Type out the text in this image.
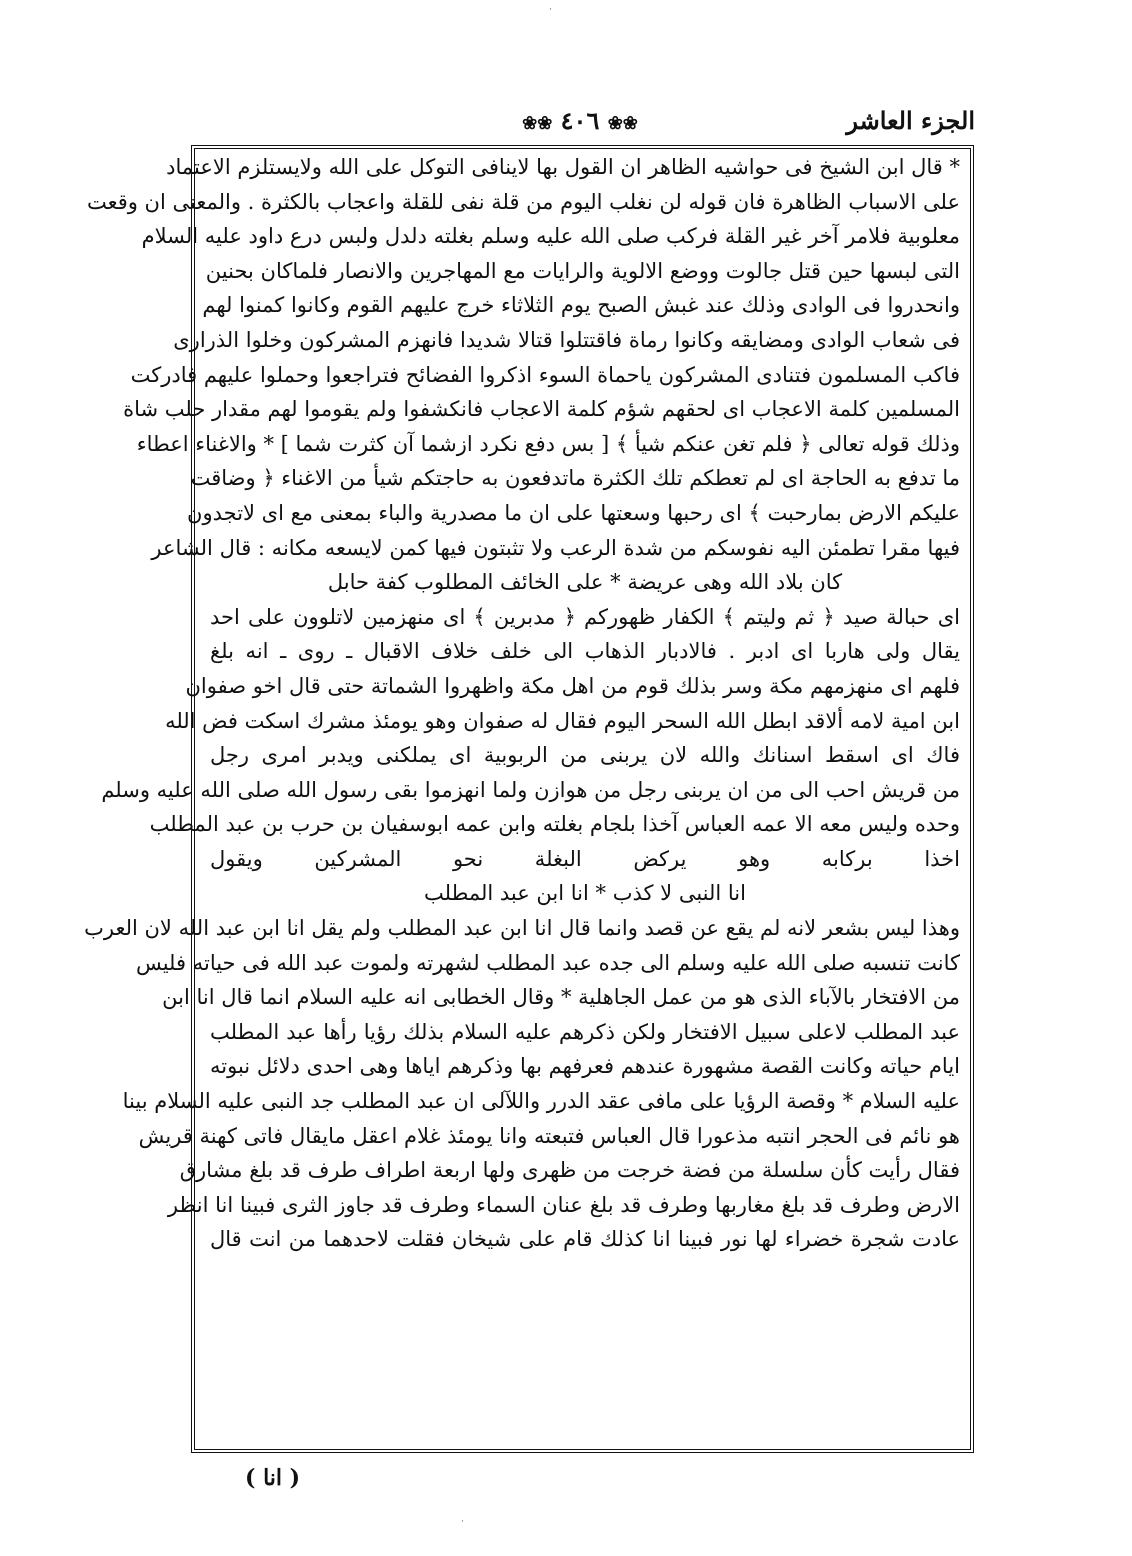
الجزء العاشر
❀❀ ٤٠٦ ❀❀
* قال ابن الشيخ فى حواشيه الظاهر ان القول بها لاينافى التوكل على الله ولايستلزم الاعتماد
على الاسباب الظاهرة فان قوله لن نغلب اليوم من قلة نفى للقلة واعجاب بالكثرة . والمعنى ان وقعت
معلوبية فلامر آخر غير القلة فركب صلى الله عليه وسلم بغلته دلدل ولبس درع داود عليه السلام
التى لبسها حين قتل جالوت ووضع الالوية والرايات مع المهاجرين والانصار فلماكان بحنين
وانحدروا فى الوادى وذلك عند غبش الصبح يوم الثلاثاء خرج عليهم القوم وكانوا كمنوا لهم
فى شعاب الوادى ومضايقه وكانوا رماة فاقتتلوا قتالا شديدا فانهزم المشركون وخلوا الذرارى
فاكب المسلمون فتنادى المشركون ياحماة السوء اذكروا الفضائح فتراجعوا وحملوا عليهم فادركت
المسلمين كلمة الاعجاب اى لحقهم شؤم كلمة الاعجاب فانكشفوا ولم يقوموا لهم مقدار حلب شاة
وذلك قوله تعالى ﴿ فلم تغن عنكم شيأ ﴾ [ بس دفع نكرد ازشما آن كثرت شما ] * والاغناء اعطاء
ما تدفع به الحاجة اى لم تعطكم تلك الكثرة ماتدفعون به حاجتكم شيأ من الاغناء ﴿ وضاقت
عليكم الارض بمارحبت ﴾ اى رحبها وسعتها على ان ما مصدرية والباء بمعنى مع اى لاتجدون
فيها مقرا تطمئن اليه نفوسكم من شدة الرعب ولا تثبتون فيها كمن لايسعه مكانه : قال الشاعر
كان بلاد الله وهى عريضة * على الخائف المطلوب كفة حابل
اى حبالة صيد ﴿ ثم وليتم ﴾ الكفار ظهوركم ﴿ مدبرين ﴾ اى منهزمين لاتلوون على احد
يقال ولى هاربا اى ادبر . فالادبار الذهاب الى خلف خلاف الاقبال ـ روى ـ انه بلغ
فلهم اى منهزمهم مكة وسر بذلك قوم من اهل مكة واظهروا الشماتة حتى قال اخو صفوان
ابن امية لامه ألاقد ابطل الله السحر اليوم فقال له صفوان وهو يومئذ مشرك اسكت فض الله
فاك اى اسقط اسنانك والله لان يربنى من الربوبية اى يملكنى ويدبر امرى رجل
من قريش احب الى من ان يربنى رجل من هوازن ولما انهزموا بقى رسول الله صلى الله عليه وسلم
وحده وليس معه الا عمه العباس آخذا بلجام بغلته وابن عمه ابوسفيان بن حرب بن عبد المطلب
اخذا بركابه وهو يركض البغلة نحو المشركين ويقول
انا النبى لا كذب * انا ابن عبد المطلب
وهذا ليس بشعر لانه لم يقع عن قصد وانما قال انا ابن عبد المطلب ولم يقل انا ابن عبد الله لان العرب
كانت تنسبه صلى الله عليه وسلم الى جده عبد المطلب لشهرته ولموت عبد الله فى حياته فليس
من الافتخار بالآباء الذى هو من عمل الجاهلية * وقال الخطابى انه عليه السلام انما قال انا ابن
عبد المطلب لاعلى سبيل الافتخار ولكن ذكرهم عليه السلام بذلك رؤيا رأها عبد المطلب
ايام حياته وكانت القصة مشهورة عندهم فعرفهم بها وذكرهم اياها وهى احدى دلائل نبوته
عليه السلام * وقصة الرؤيا على مافى عقد الدرر واللآلى ان عبد المطلب جد النبى عليه السلام بينا
هو نائم فى الحجر انتبه مذعورا قال العباس فتبعته وانا يومئذ غلام اعقل مايقال فاتى كهنة قريش
فقال رأيت كأن سلسلة من فضة خرجت من ظهرى ولها اربعة اطراف طرف قد بلغ مشارق
الارض وطرف قد بلغ مغاربها وطرف قد بلغ عنان السماء وطرف قد جاوز الثرى فبينا انا انظر
عادت شجرة خضراء لها نور فبينا انا كذلك قام على شيخان فقلت لاحدهما من انت قال
( انا )
˙
˙
